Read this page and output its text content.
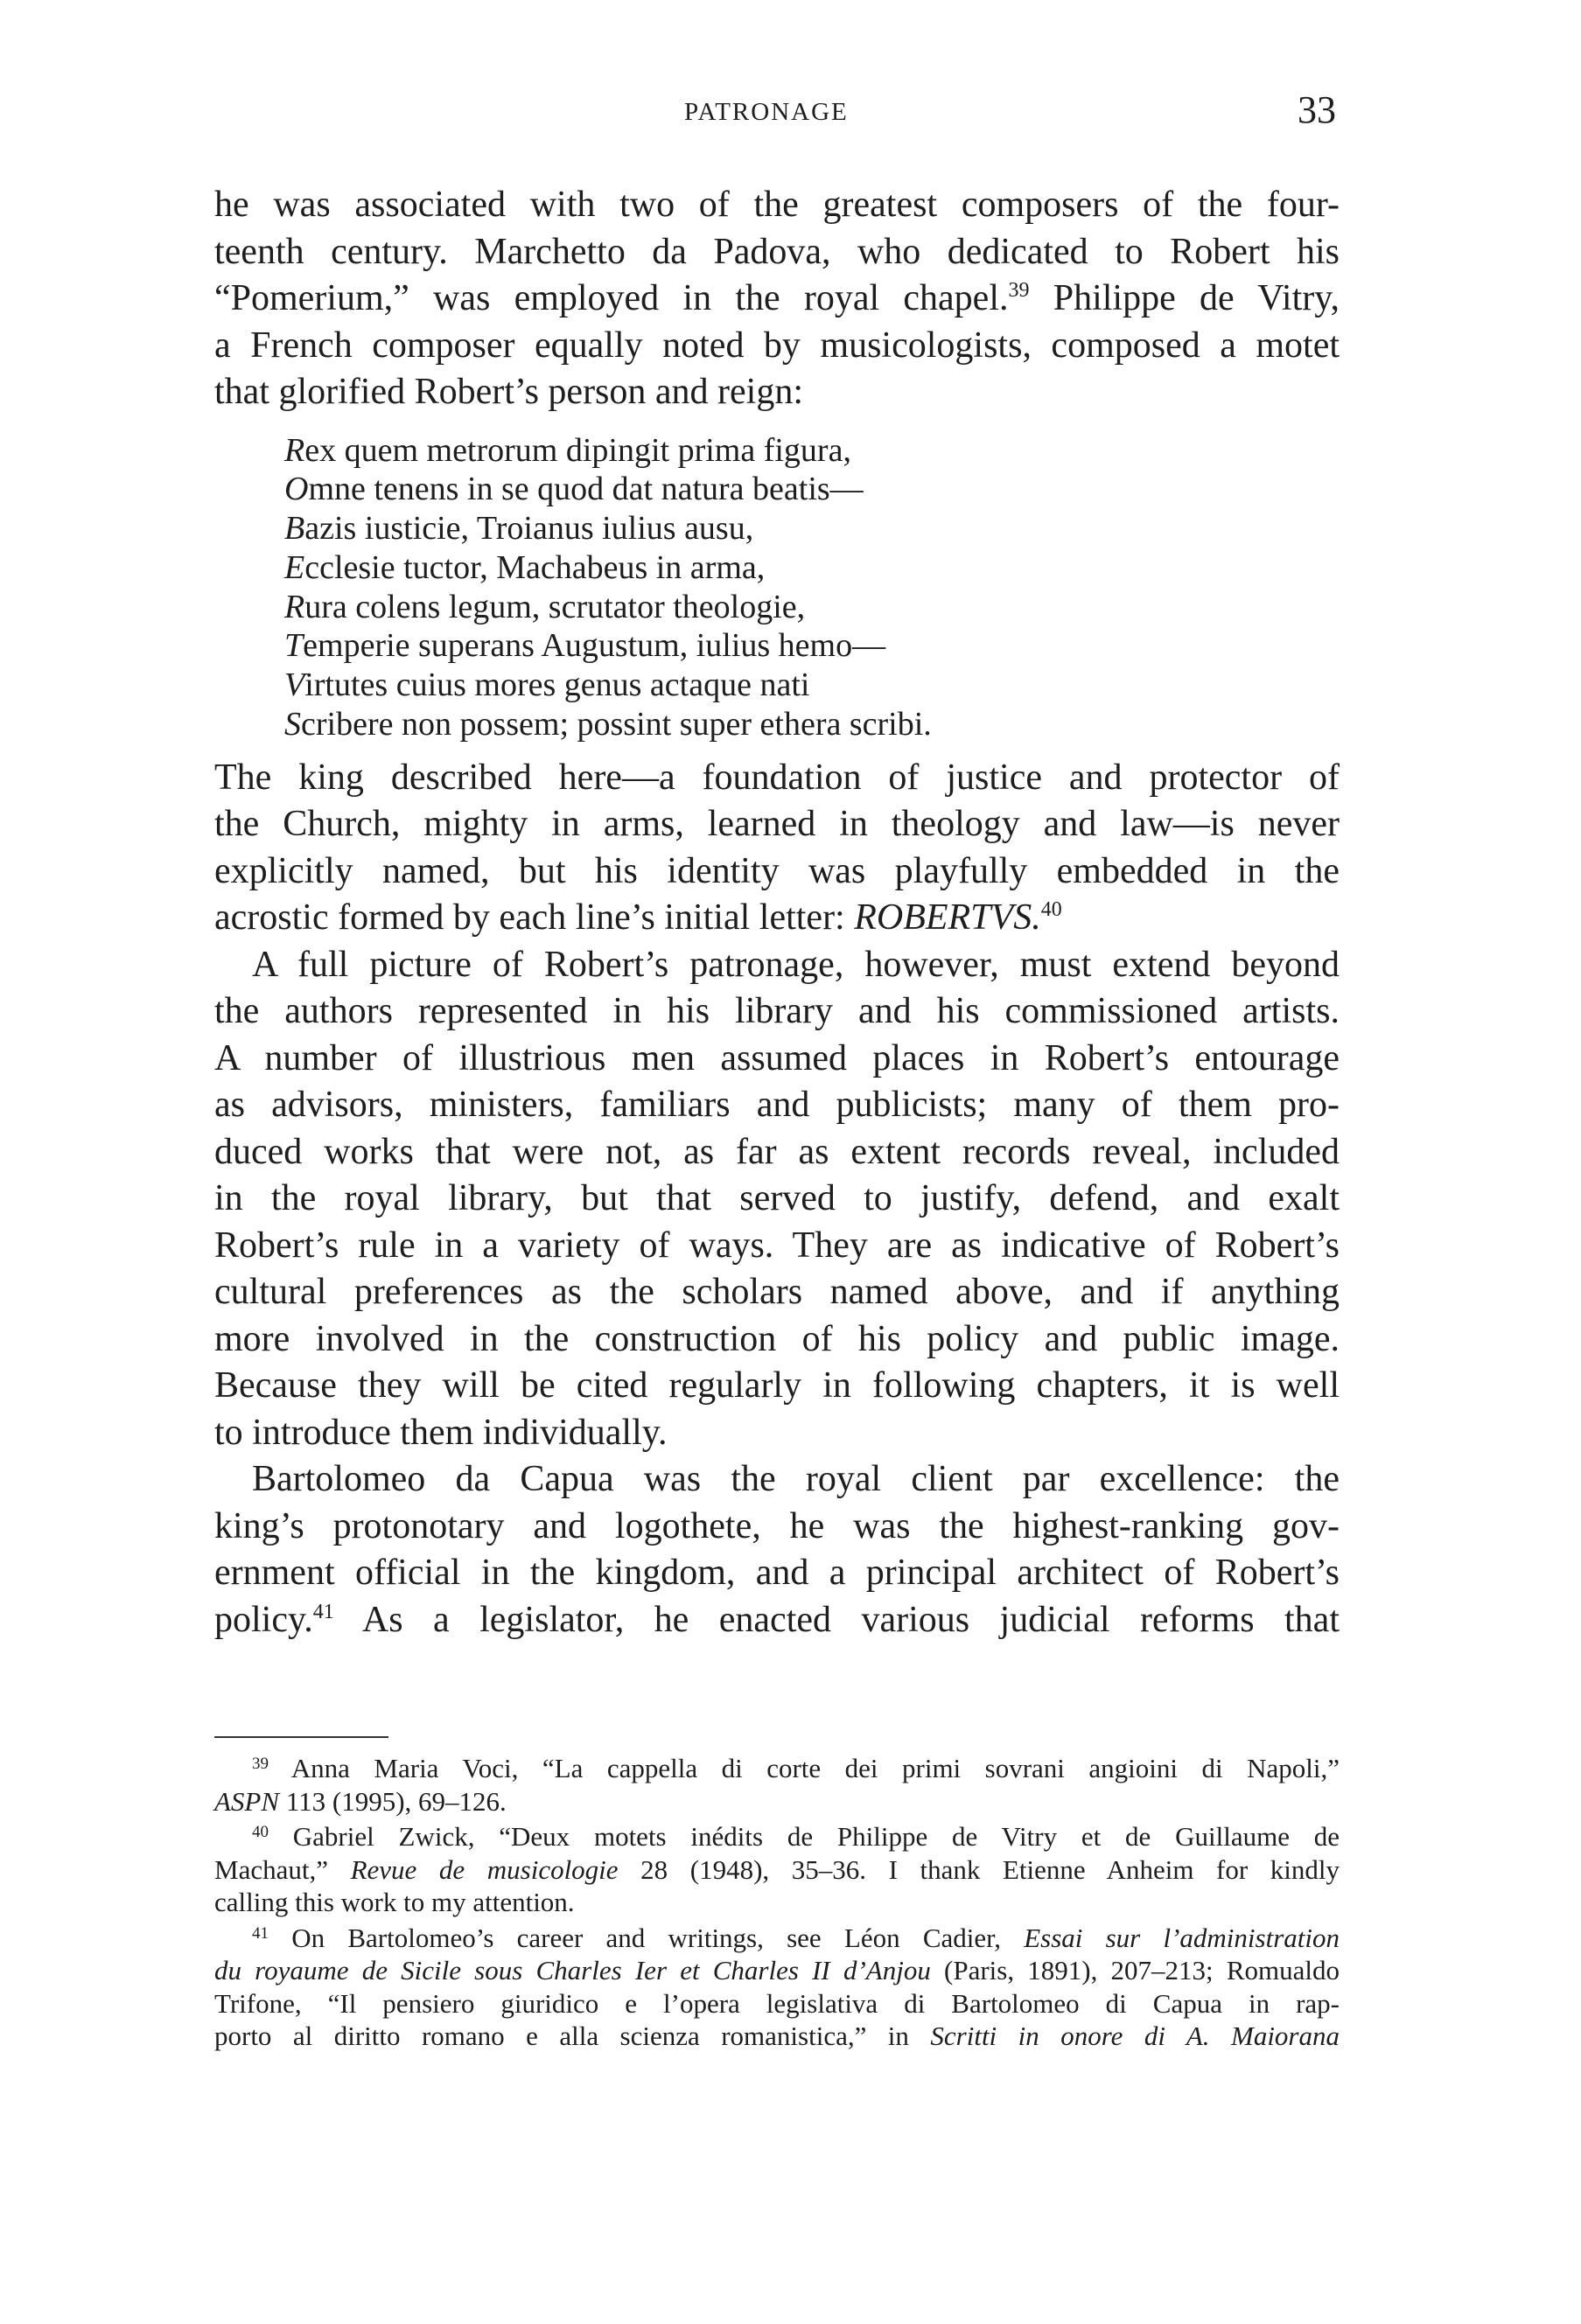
PATRONAGE	33
he was associated with two of the greatest composers of the four-
teenth century. Marchetto da Padova, who dedicated to Robert his
“Pomerium,” was employed in the royal chapel.$^{39}$ Philippe de Vitry,
a French composer equally noted by musicologists, composed a motet
that glorified Robert’s person and reign:
Rex quem metrorum dipingit prima figura,
Omne tenens in se quod dat natura beatis—
Bazis iusticie, Troianus iulius ausu,
Ecclesie tuctor, Machabeus in arma,
Rura colens legum, scrutator theologie,
Temperie superans Augustum, iulius hemo—
Virtutes cuius mores genus actaque nati
Scribere non possem; possint super ethera scribi.
The king described here—a foundation of justice and protector of
the Church, mighty in arms, learned in theology and law—is never
explicitly named, but his identity was playfully embedded in the
acrostic formed by each line’s initial letter: ROBERTVS.$^{40}$
A full picture of Robert’s patronage, however, must extend beyond
the authors represented in his library and his commissioned artists.
A number of illustrious men assumed places in Robert’s entourage
as advisors, ministers, familiars and publicists; many of them pro-
duced works that were not, as far as extent records reveal, included
in the royal library, but that served to justify, defend, and exalt
Robert’s rule in a variety of ways. They are as indicative of Robert’s
cultural preferences as the scholars named above, and if anything
more involved in the construction of his policy and public image.
Because they will be cited regularly in following chapters, it is well
to introduce them individually.
Bartolomeo da Capua was the royal client par excellence: the
king’s protonotary and logothete, he was the highest-ranking gov-
ernment official in the kingdom, and a principal architect of Robert’s
policy.$^{41}$ As a legislator, he enacted various judicial reforms that
$^{39}$ Anna Maria Voci, “La cappella di corte dei primi sovrani angioini di Napoli,”
ASPN 113 (1995), 69–126.
$^{40}$ Gabriel Zwick, “Deux motets inédits de Philippe de Vitry et de Guillaume de
Machaut,” Revue de musicologie 28 (1948), 35–36. I thank Etienne Anheim for kindly
calling this work to my attention.
$^{41}$ On Bartolomeo’s career and writings, see Léon Cadier, Essai sur l’administration
du royaume de Sicile sous Charles Ier et Charles II d’Anjou (Paris, 1891), 207–213; Romualdo
Trifone, “Il pensiero giuridico e l’opera legislativa di Bartolomeo di Capua in rap-
porto al diritto romano e alla scienza romanistica,” in Scritti in onore di A. Maiorana
